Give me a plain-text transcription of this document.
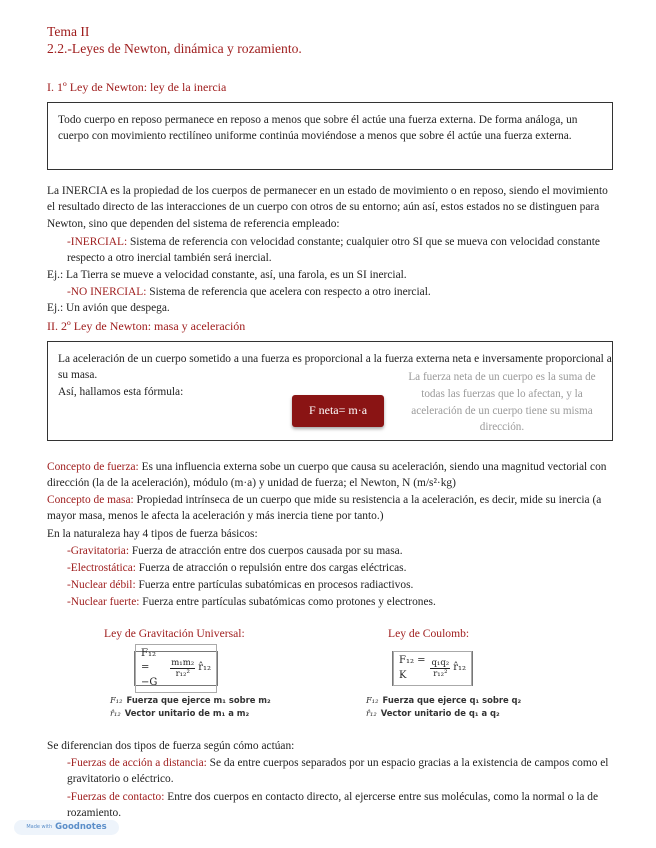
Tema II
2.2.-Leyes de Newton, dinámica y rozamiento.
I. 1º Ley de Newton: ley de la inercia
Todo cuerpo en reposo permanece en reposo a menos que sobre él actúe una fuerza externa. De forma análoga, un cuerpo con movimiento rectilíneo uniforme continúa moviéndose a menos que sobre él actúe una fuerza externa.
La INERCIA es la propiedad de los cuerpos de permanecer en un estado de movimiento o en reposo, siendo el movimiento el resultado directo de las interacciones de un cuerpo con otros de su entorno; aún así, estos estados no se distinguen para Newton, sino que dependen del sistema de referencia empleado:
-INERCIAL: Sistema de referencia con velocidad constante; cualquier otro SI que se mueva con velocidad constante respecto a otro inercial también será inercial.
Ej.: La Tierra se mueve a velocidad constante, así, una farola, es un SI inercial.
-NO INERCIAL: Sistema de referencia que acelera con respecto a otro inercial.
Ej.: Un avión que despega.
II. 2º Ley de Newton: masa y aceleración
La aceleración de un cuerpo sometido a una fuerza es proporcional a la fuerza externa neta e inversamente proporcional a su masa.
Así, hallamos esta fórmula:
F neta= m·a
La fuerza neta de un cuerpo es la suma de todas las fuerzas que lo afectan, y la aceleración de un cuerpo tiene su misma dirección.
Concepto de fuerza: Es una influencia externa sobe un cuerpo que causa su aceleración, siendo una magnitud vectorial con dirección (la de la aceleración), módulo (m·a) y unidad de fuerza; el Newton, N (m/s²·kg)
Concepto de masa: Propiedad intrínseca de un cuerpo que mide su resistencia a la aceleración, es decir, mide su inercia (a mayor masa, menos le afecta la aceleración y más inercia tiene por tanto.)
En la naturaleza hay 4 tipos de fuerza básicos:
-Gravitatoria: Fuerza de atracción entre dos cuerpos causada por su masa.
-Electrostática: Fuerza de atracción o repulsión entre dos cargas eléctricas.
-Nuclear débil: Fuerza entre partículas subatómicas en procesos radiactivos.
-Nuclear fuerte: Fuerza entre partículas subatómicas como protones y electrones.
Ley de Gravitación Universal:
F₁₂ = −G
$\frac{\text{m₁m₂}}{\text{r₁₂²}}$ r̂₁₂
F₁₂ Fuerza que ejerce m₁ sobre m₂
r̂₁₂ Vector unitario de m₁ a m₂
Ley de Coulomb:
F₁₂ = K	$\frac{\text{q₁q₂}}{\text{r₁₂²}}$ r̂₁₂
F₁₂ Fuerza que ejerce q₁ sobre q₂
r̂₁₂ Vector unitario de q₁ a q₂
Se diferencian dos tipos de fuerza según cómo actúan:
-Fuerzas de acción a distancia: Se da entre cuerpos separados por un espacio gracias a la existencia de campos como el gravitatorio o eléctrico.
-Fuerzas de contacto: Entre dos cuerpos en contacto directo, al ejercerse entre sus moléculas, como la normal o la de rozamiento.
Made with Goodnotes
